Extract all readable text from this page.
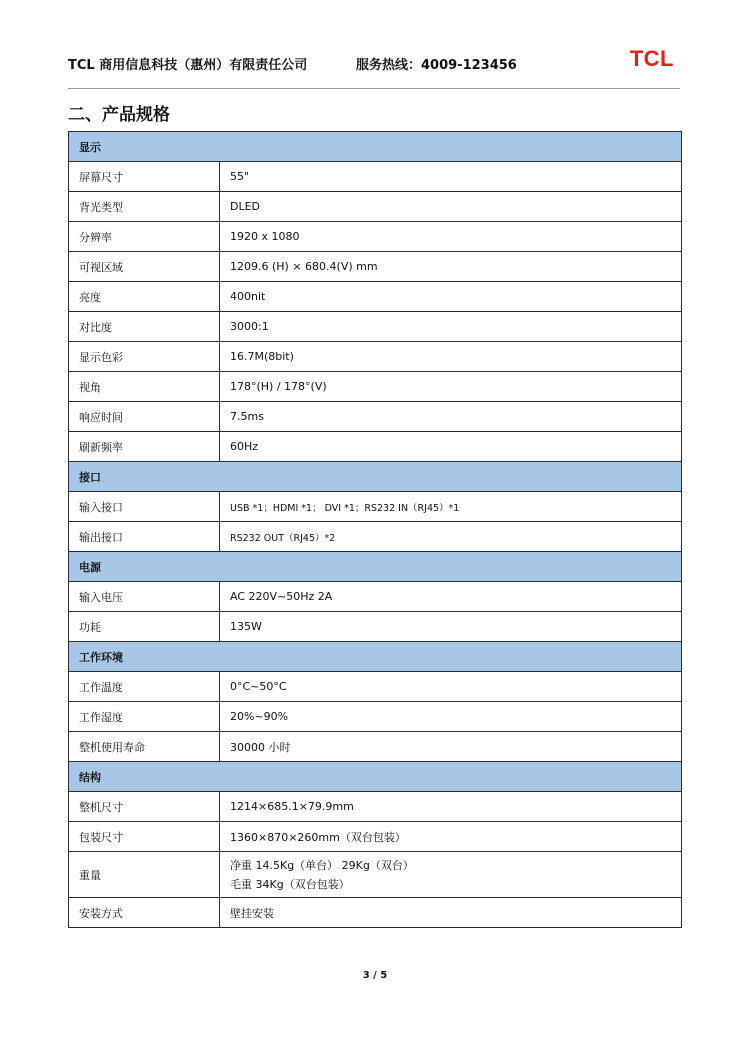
TCL 商用信息科技（惠州）有限责任公司	服务热线：4009-123456	TCL
二、产品规格
显示	
屏幕尺寸	55"
背光类型	DLED
分辨率	1920 x 1080
可视区域	1209.6 (H) × 680.4(V) mm
亮度	400nit
对比度	3000:1
显示色彩	16.7M(8bit)
视角	178°(H) / 178°(V)
响应时间	7.5ms
刷新频率	60Hz
接口	
输入接口	USB *1；HDMI *1； DVI *1；RS232 IN（RJ45）*1
输出接口	RS232 OUT（RJ45）*2
电源	
输入电压	AC 220V~50Hz 2A
功耗	135W
工作环境	
工作温度	0°C~50°C
工作湿度	20%~90%
整机使用寿命	30000 小时
结构	
整机尺寸	1214×685.1×79.9mm
包装尺寸	1360×870×260mm（双台包装）
重量	净重 14.5Kg（单台） 29Kg（双台）
毛重 34Kg（双台包装）

安装方式	壁挂安装
3 / 5
